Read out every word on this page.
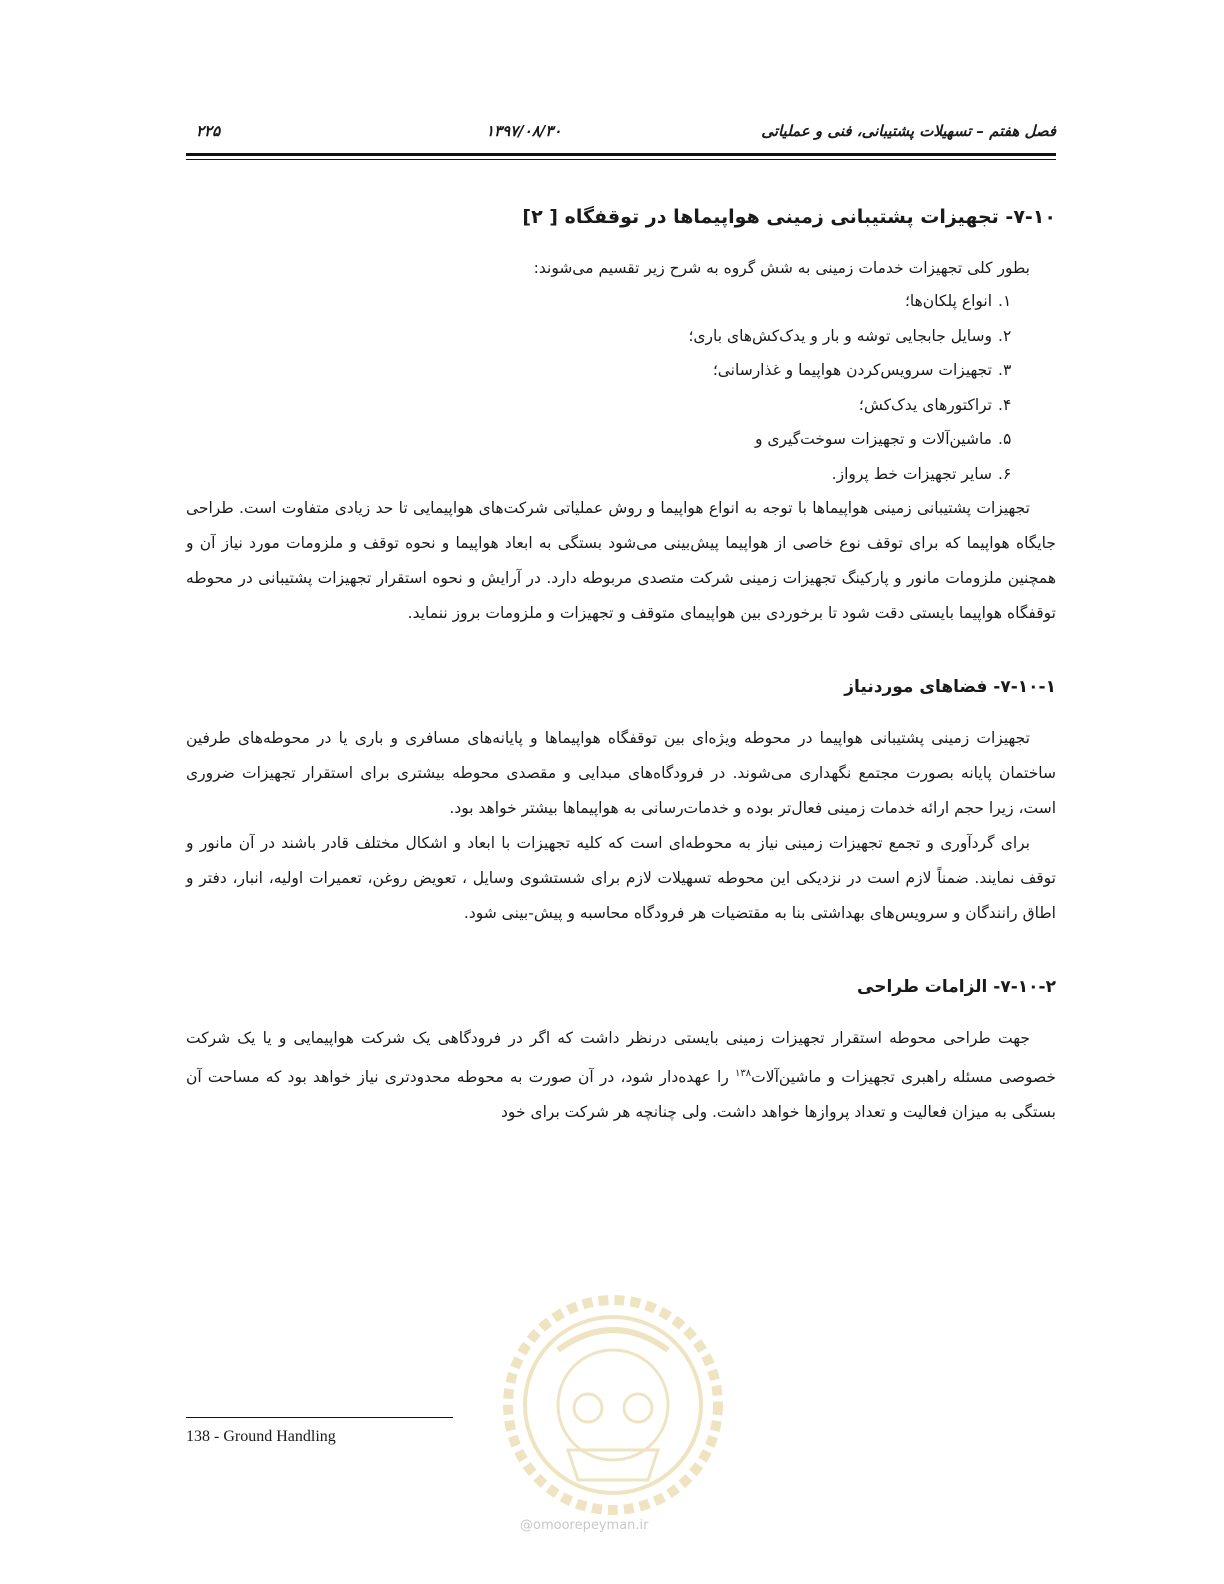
فصل هفتم – تسهیلات پشتیبانی، فنی و عملیاتی
۱۳۹۷/۰۸/۳۰
۲۲۵
۷-۱۰- تجهیزات پشتیبانی زمینی هواپیماها در توقفگاه [ ۲]

بطور کلی تجهیزات خدمات زمینی به شش گروه به شرح زیر تقسیم می‌شوند:

۱.
انواع پلکان‌ها؛
۲.
وسایل جابجایی توشه و بار و یدک‌کش‌های باری؛
۳.
تجهیزات سرویس‌کردن هواپیما و غذارسانی؛
۴.
تراکتورهای یدک‌کش؛
۵.
ماشین‌آلات و تجهیزات سوخت‌گیری و
۶.
سایر تجهیزات خط پرواز.

تجهیزات پشتیبانی زمینی هواپیماها با توجه به انواع هواپیما و روش عملیاتی شرکت‌های هواپیمایی تا حد زیادی متفاوت است. طراحی جایگاه هواپیما که برای توقف نوع خاصی از هواپیما پیش‌بینی می‌شود بستگی به ابعاد هواپیما و نحوه توقف و ملزومات مورد نیاز آن و همچنین ملزومات مانور و پارکینگ تجهیزات زمینی شرکت متصدی مربوطه دارد. در آرایش و نحوه استقرار تجهیزات پشتیبانی در محوطه توقفگاه هواپیما بایستی دقت شود تا برخوردی بین هواپیمای متوقف و تجهیزات و ملزومات بروز ننماید.

۷-۱۰-۱- فضاهای موردنیاز

تجهیزات زمینی پشتیبانی هواپیما در محوطه ویژه‌ای بین توقفگاه هواپیماها و پایانه‌های مسافری و باری یا در محوطه‌های طرفین ساختمان پایانه بصورت مجتمع نگهداری می‌شوند. در فرودگاه‌های مبدایی و مقصدی محوطه بیشتری برای استقرار تجهیزات ضروری است، زیرا حجم ارائه خدمات زمینی فعال‌تر بوده و خدمات‌رسانی به هواپیماها بیشتر خواهد بود.

برای گردآوری و تجمع تجهیزات زمینی نیاز به محوطه‌ای است که کلیه تجهیزات با ابعاد و اشکال مختلف قادر باشند در آن مانور و توقف نمایند. ضمناً لازم است در نزدیکی این محوطه تسهیلات لازم برای شستشوی وسایل ، تعویض روغن، تعمیرات اولیه، انبار، دفتر و اطاق رانندگان و سرویس‌های بهداشتی بنا به مقتضیات هر فرودگاه محاسبه و پیش-بینی شود.

۷-۱۰-۲- الزامات طراحی

جهت طراحی محوطه استقرار تجهیزات زمینی بایستی درنظر داشت که اگر در فرودگاهی یک شرکت هواپیمایی و یا یک شرکت خصوصی مسئله راهبری تجهیزات و ماشین‌آلات$^{۱۳۸}$ را عهده‌دار شود، در آن صورت به محوطه محدودتری نیاز خواهد بود که مساحت آن بستگی به میزان فعالیت و تعداد پروازها خواهد داشت. ولی چنانچه هر شرکت برای خود

@omoorepeyman.ir
138 - Ground Handling
